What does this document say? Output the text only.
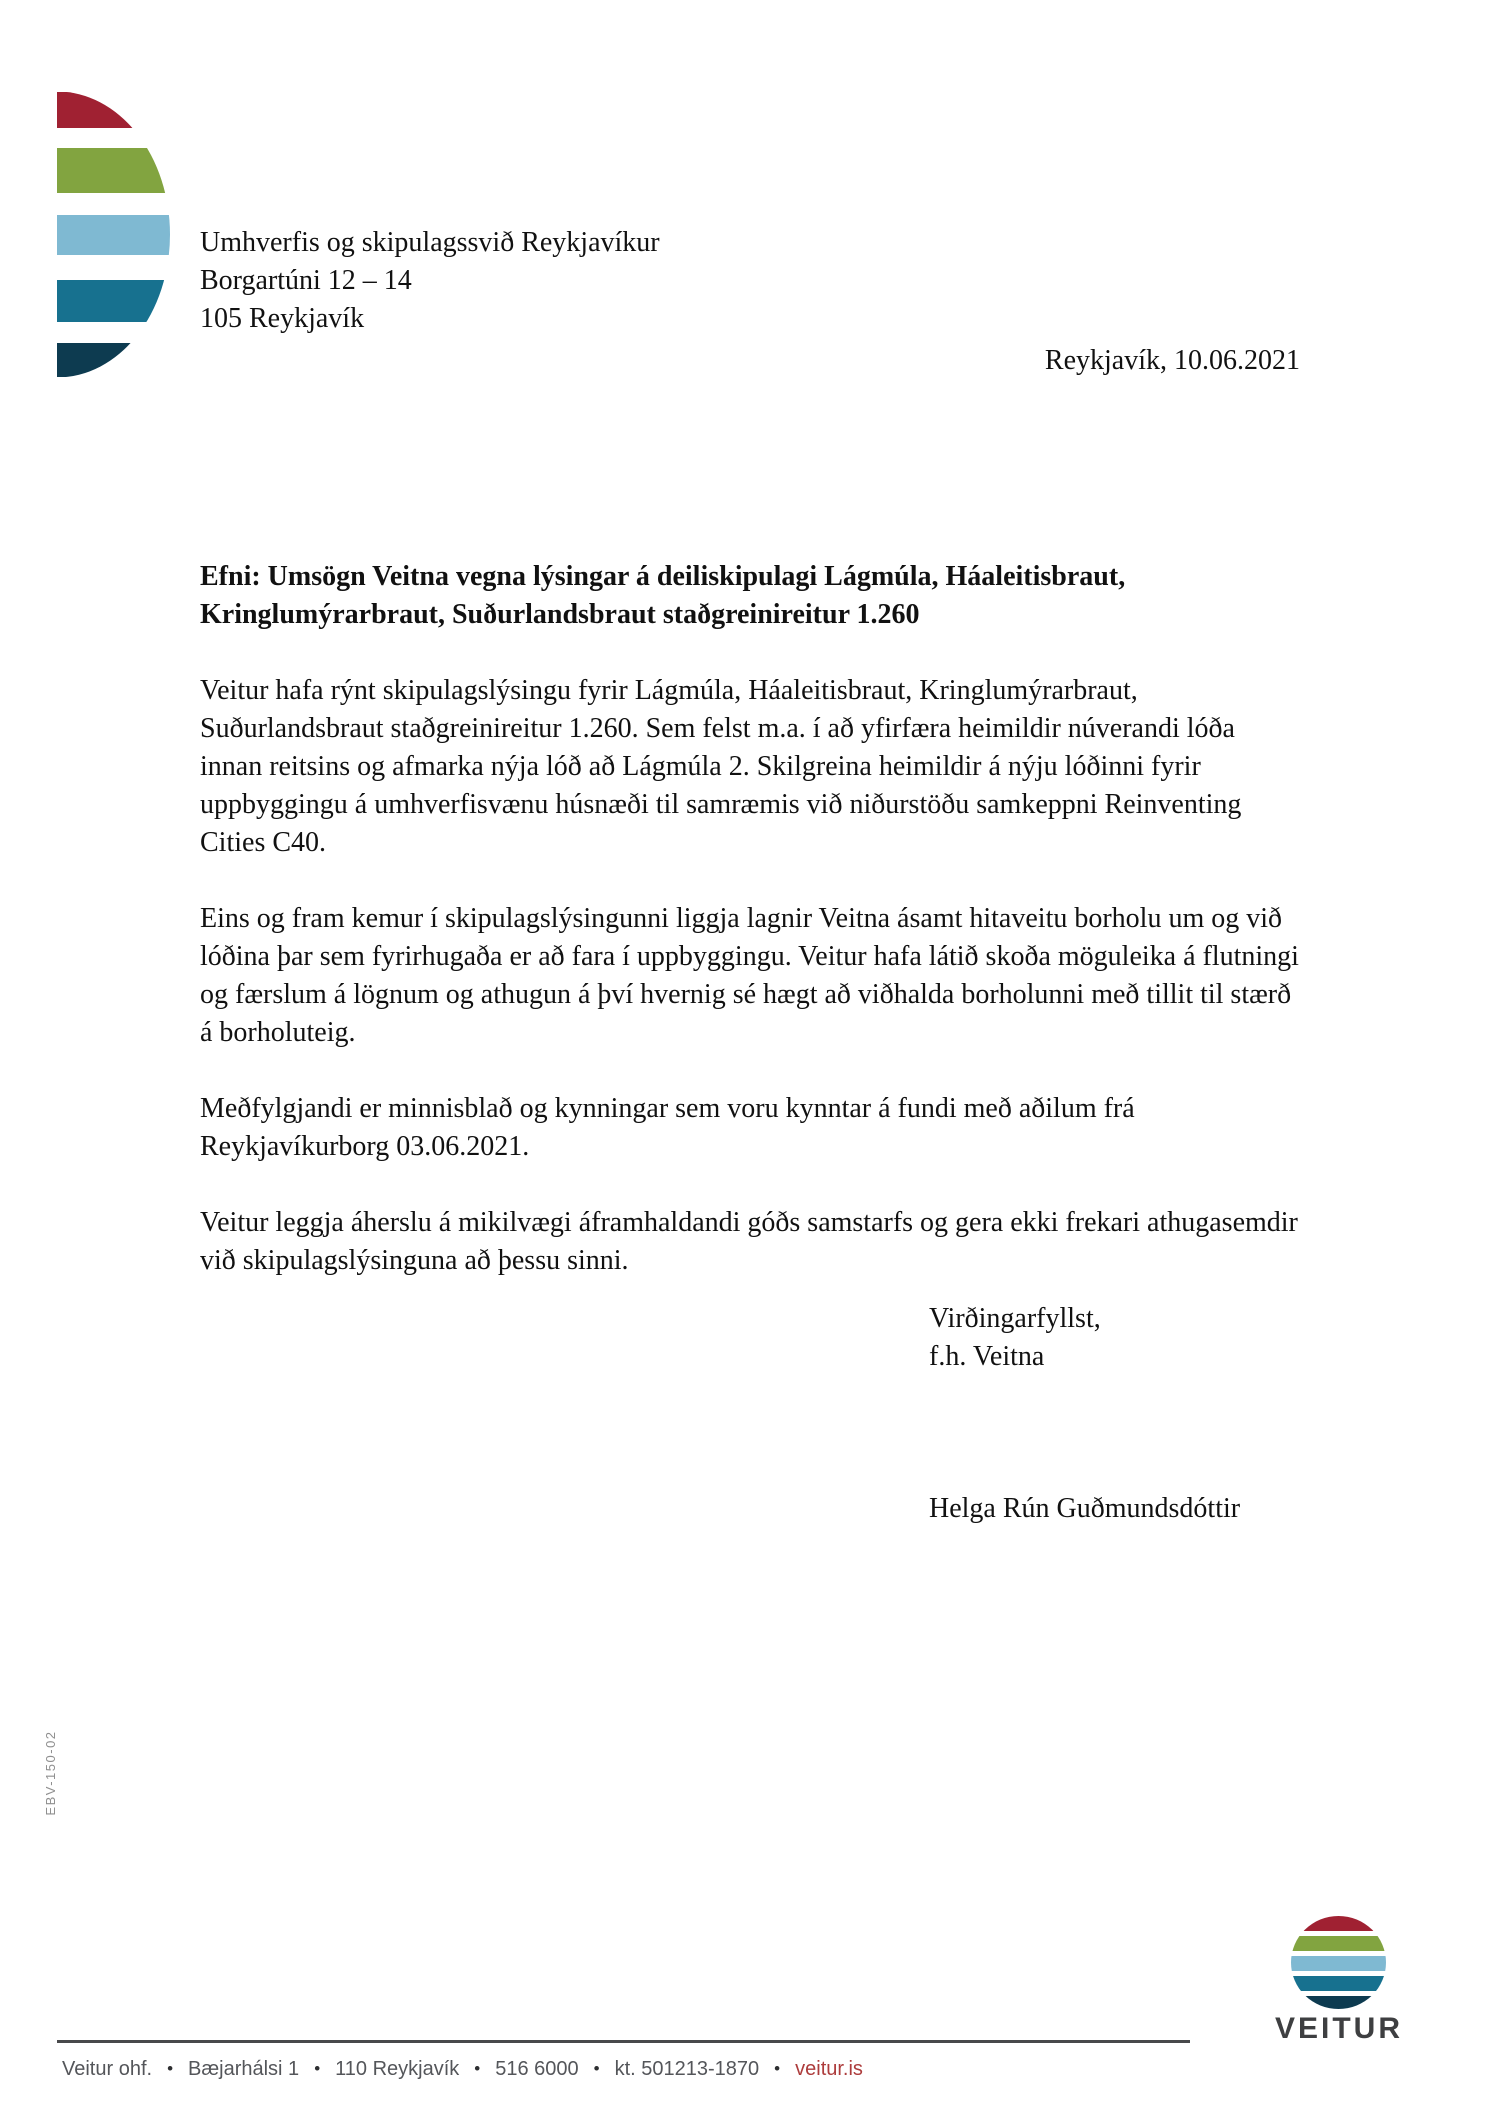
Umhverfis og skipulagssvið Reykjavíkur
Borgartúni 12 – 14
105 Reykjavík
Reykjavík, 10.06.2021
Efni: Umsögn Veitna vegna lýsingar á deiliskipulagi Lágmúla, Háaleitisbraut, Kringlumýrarbraut, Suðurlandsbraut staðgreinireitur 1.260

Veitur hafa rýnt skipulagslýsingu fyrir Lágmúla, Háaleitisbraut, Kringlumýrarbraut, Suðurlandsbraut staðgreinireitur 1.260. Sem felst m.a. í að yfirfæra heimildir núverandi lóða innan reitsins og afmarka nýja lóð að Lágmúla 2. Skilgreina heimildir á nýju lóðinni fyrir uppbyggingu á umhverfisvænu húsnæði til samræmis við niðurstöðu samkeppni Reinventing Cities C40.

Eins og fram kemur í skipulagslýsingunni liggja lagnir Veitna ásamt hitaveitu borholu um og við lóðina þar sem fyrirhugaða er að fara í uppbyggingu. Veitur hafa látið skoða möguleika á flutningi og færslum á lögnum og athugun á því hvernig sé hægt að viðhalda borholunni með tillit til stærð á borholuteig.

Meðfylgjandi er minnisblað og kynningar sem voru kynntar á fundi með aðilum frá Reykjavíkurborg 03.06.2021.

Veitur leggja áherslu á mikilvægi áframhaldandi góðs samstarfs og gera ekki frekari athugasemdir við skipulagslýsinguna að þessu sinni.

Virðingarfyllst,
f.h. Veitna
Helga Rún Guðmundsdóttir
EBV-150-02
VEITUR
Veitur ohf. • Bæjarhálsi 1 • 110 Reykjavík • 516 6000 • kt. 501213-1870 • veitur.is
